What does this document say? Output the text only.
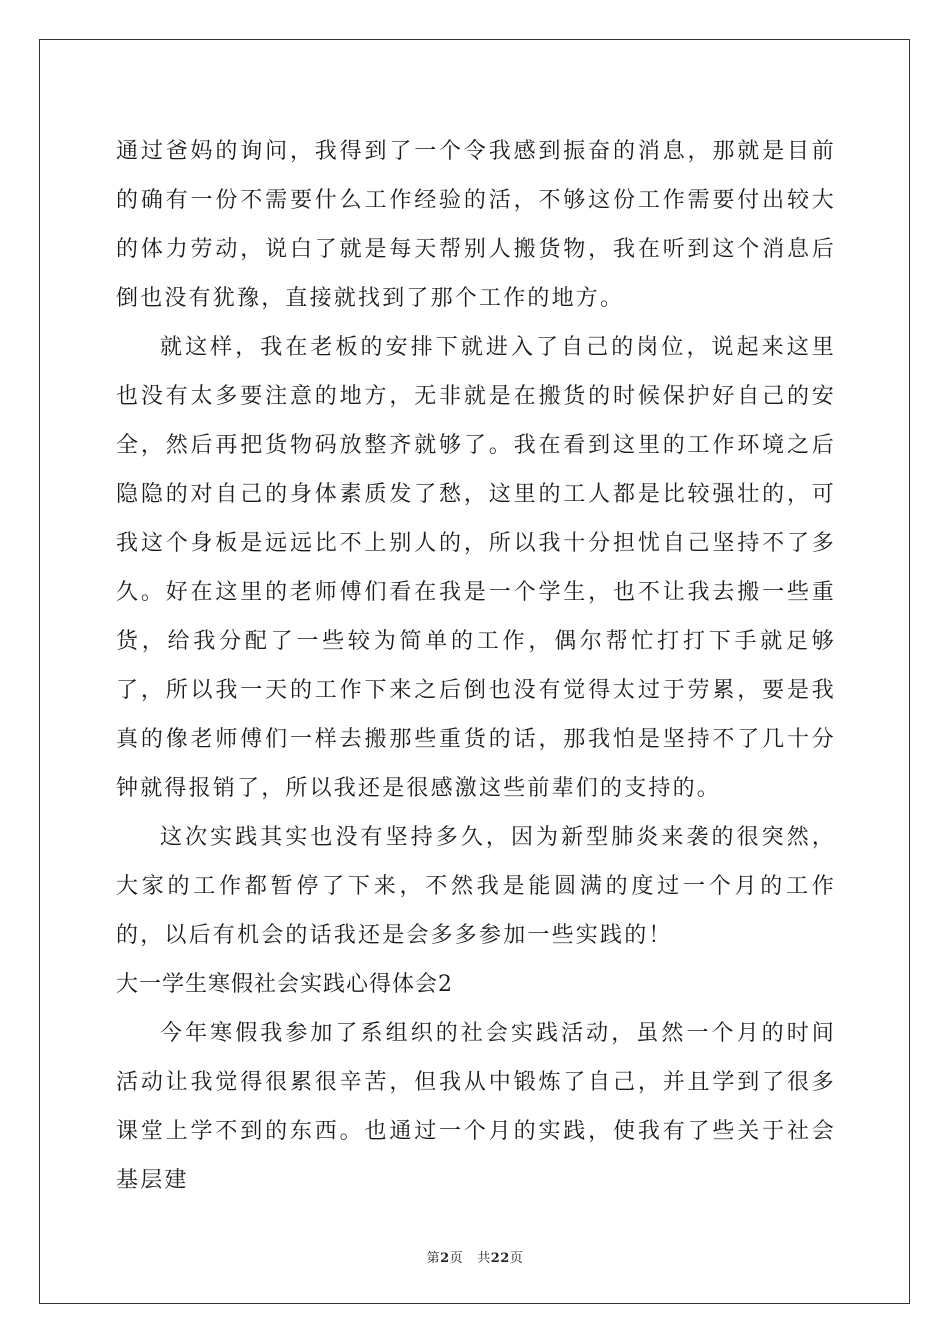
通过爸妈的询问，我得到了一个令我感到振奋的消息，那就是目前的确有一份不需要什么工作经验的活，不够这份工作需要付出较大的体力劳动，说白了就是每天帮别人搬货物，我在听到这个消息后倒也没有犹豫，直接就找到了那个工作的地方。

就这样，我在老板的安排下就进入了自己的岗位，说起来这里也没有太多要注意的地方，无非就是在搬货的时候保护好自己的安全，然后再把货物码放整齐就够了。我在看到这里的工作环境之后隐隐的对自己的身体素质发了愁，这里的工人都是比较强壮的，可我这个身板是远远比不上别人的，所以我十分担忧自己坚持不了多久。好在这里的老师傅们看在我是一个学生，也不让我去搬一些重货，给我分配了一些较为简单的工作，偶尔帮忙打打下手就足够了，所以我一天的工作下来之后倒也没有觉得太过于劳累，要是我真的像老师傅们一样去搬那些重货的话，那我怕是坚持不了几十分钟就得报销了，所以我还是很感激这些前辈们的支持的。

这次实践其实也没有坚持多久，因为新型肺炎来袭的很突然，大家的工作都暂停了下来，不然我是能圆满的度过一个月的工作的，以后有机会的话我还是会多多参加一些实践的！

大一学生寒假社会实践心得体会2

今年寒假我参加了系组织的社会实践活动，虽然一个月的时间活动让我觉得很累很辛苦，但我从中锻炼了自己，并且学到了很多课堂上学不到的东西。也通过一个月的实践，使我有了些关于社会基层建

第2页 共22页
